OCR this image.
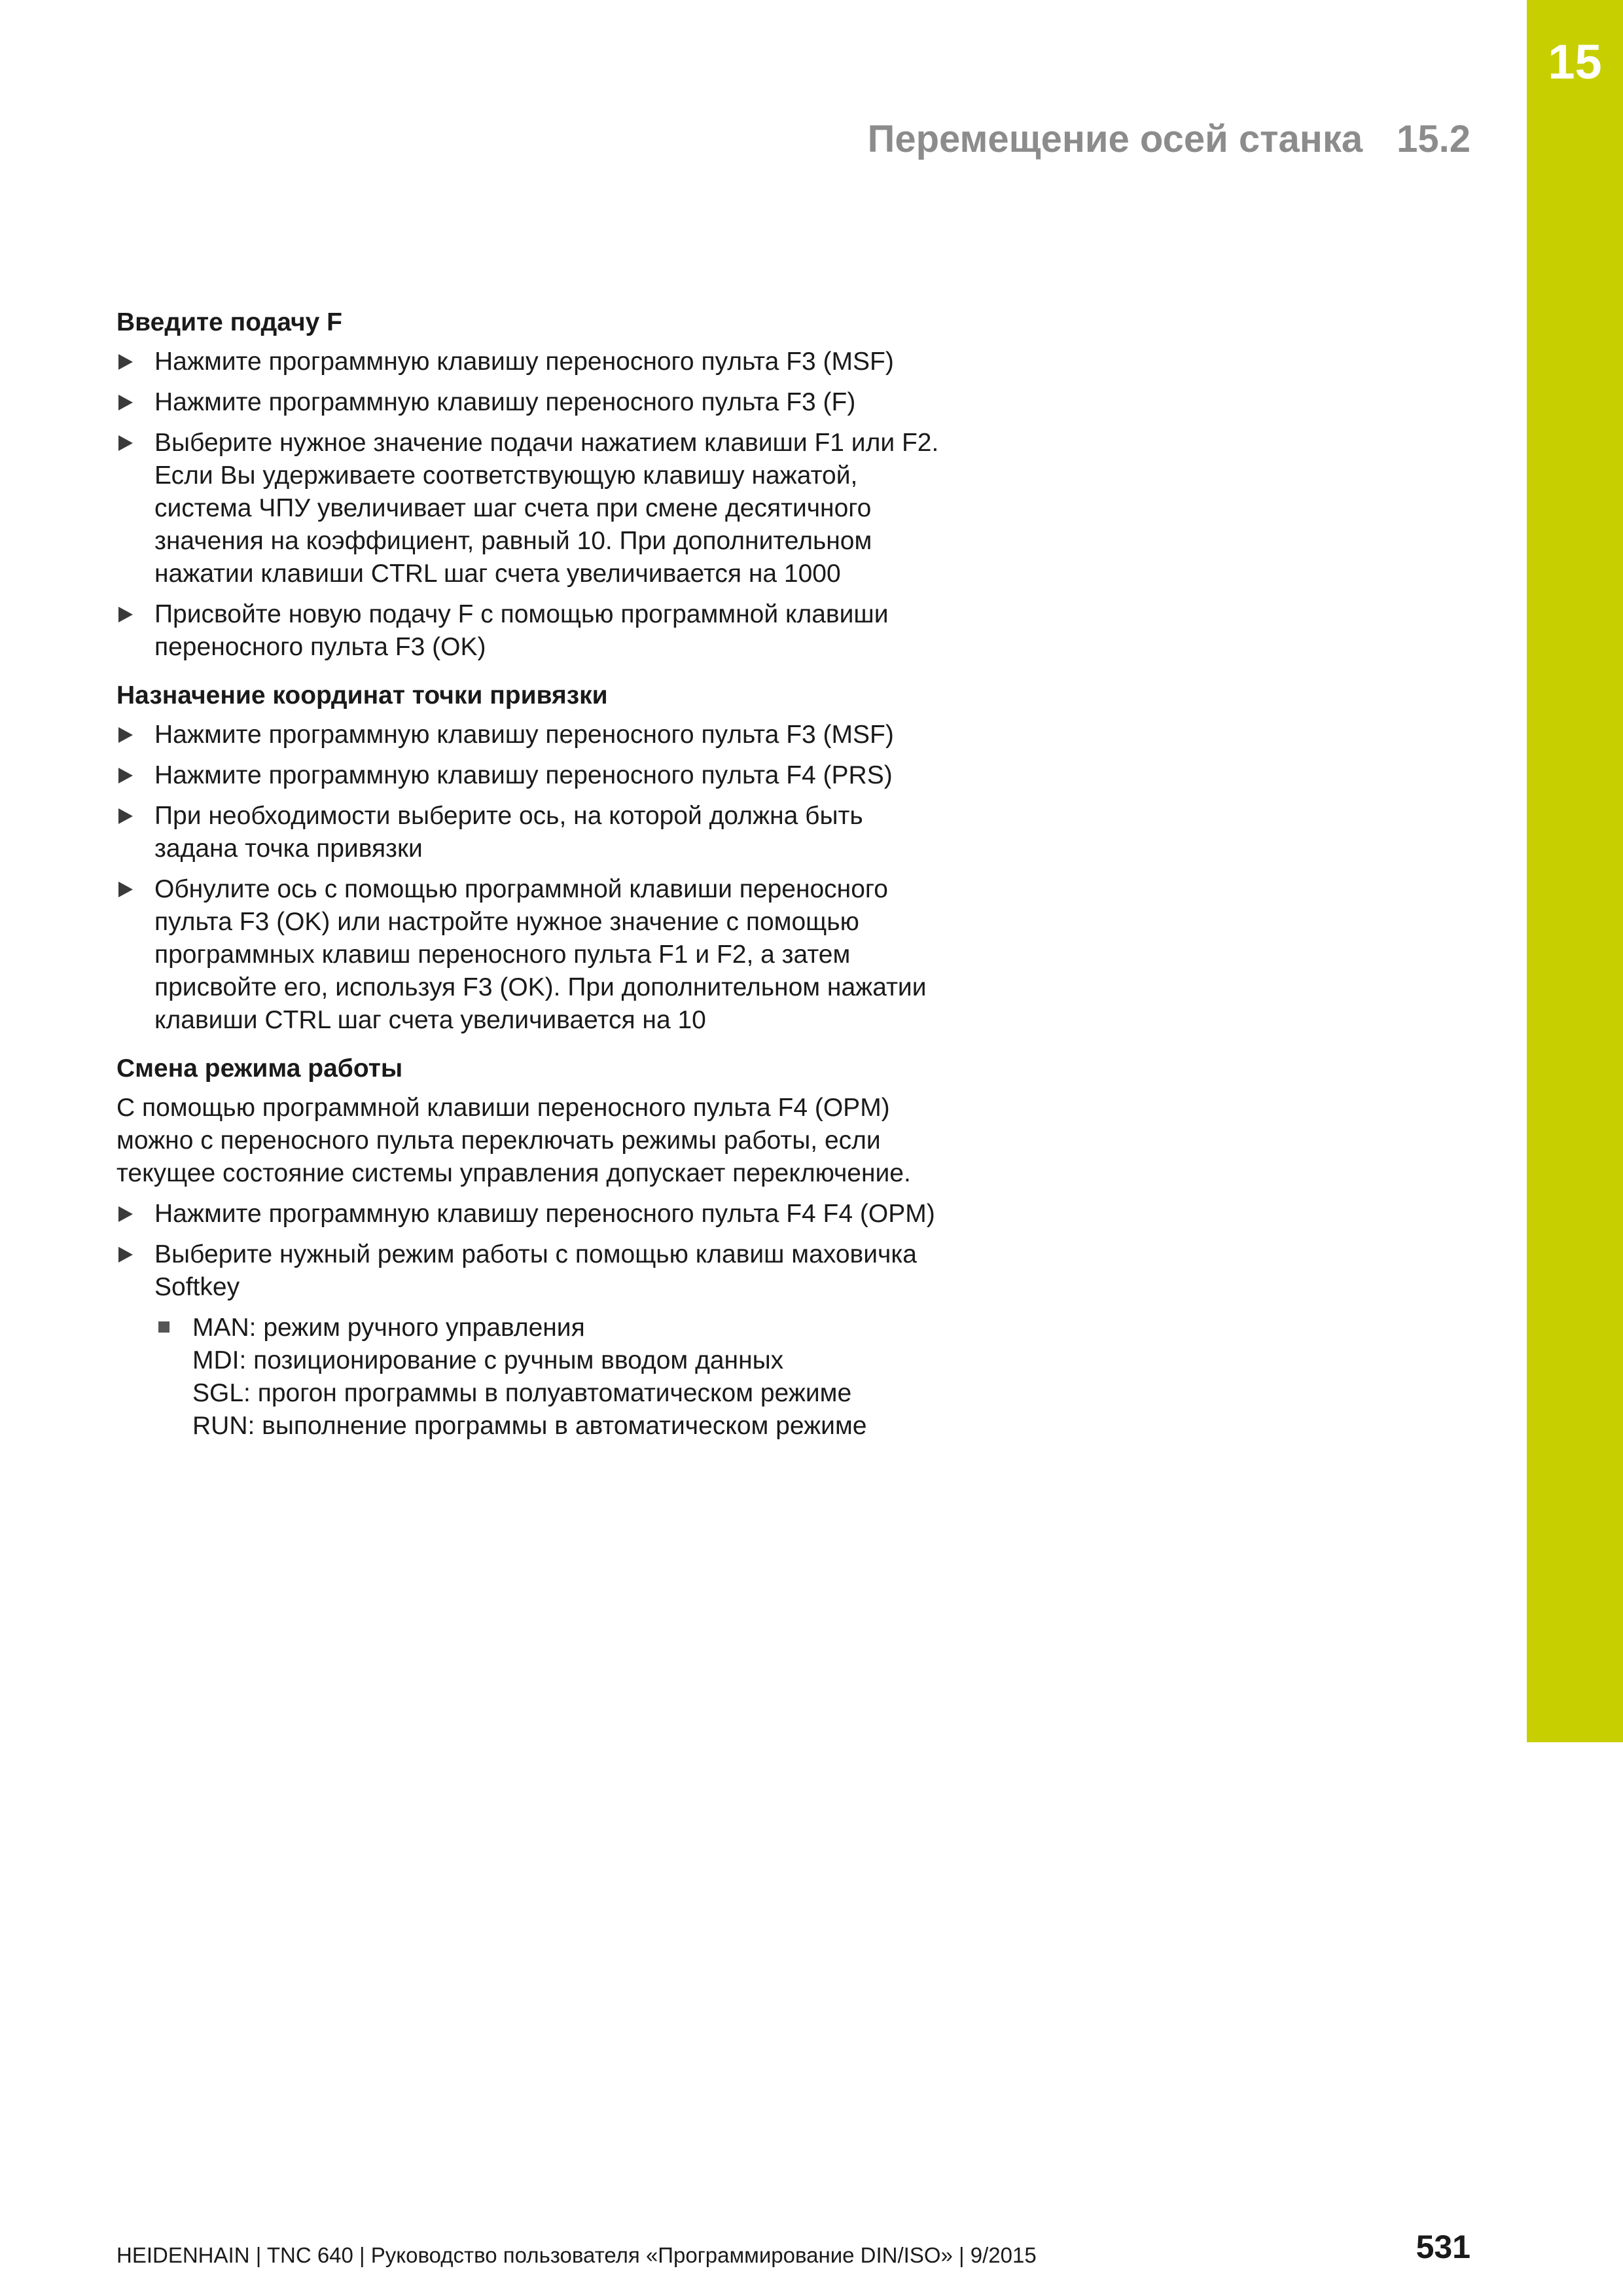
15
Перемещение осей станка 15.2
Введите подачу F
Нажмите программную клавишу переносного пульта F3 (MSF)
Нажмите программную клавишу переносного пульта F3 (F)
Выберите нужное значение подачи нажатием клавиши F1 или F2. Если Вы удерживаете соответствующую клавишу нажатой, система ЧПУ увеличивает шаг счета при смене десятичного значения на коэффициент, равный 10. При дополнительном нажатии клавиши CTRL шаг счета увеличивается на 1000
Присвойте новую подачу F с помощью программной клавиши переносного пульта F3 (OK)
Назначение координат точки привязки
Нажмите программную клавишу переносного пульта F3 (MSF)
Нажмите программную клавишу переносного пульта F4 (PRS)
При необходимости выберите ось, на которой должна быть задана точка привязки
Обнулите ось с помощью программной клавиши переносного пульта F3 (OK) или настройте нужное значение с помощью программных клавиш переносного пульта F1 и F2, а затем присвойте его, используя F3 (OK). При дополнительном нажатии клавиши CTRL шаг счета увеличивается на 10
Смена режима работы

С помощью программной клавиши переносного пульта F4 (OPM) можно с переносного пульта переключать режимы работы, если текущее состояние системы управления допускает переключение.

Нажмите программную клавишу переносного пульта F4 F4 (OPM)
Выберите нужный режим работы с помощью клавиш маховичка Softkey
MAN: режим ручного управления
MDI: позиционирование с ручным вводом данных
SGL: прогон программы в полуавтоматическом режиме
RUN: выполнение программы в автоматическом режиме
HEIDENHAIN | TNC 640 | Руководство пользователя «Программирование DIN/ISO» | 9/2015	531
